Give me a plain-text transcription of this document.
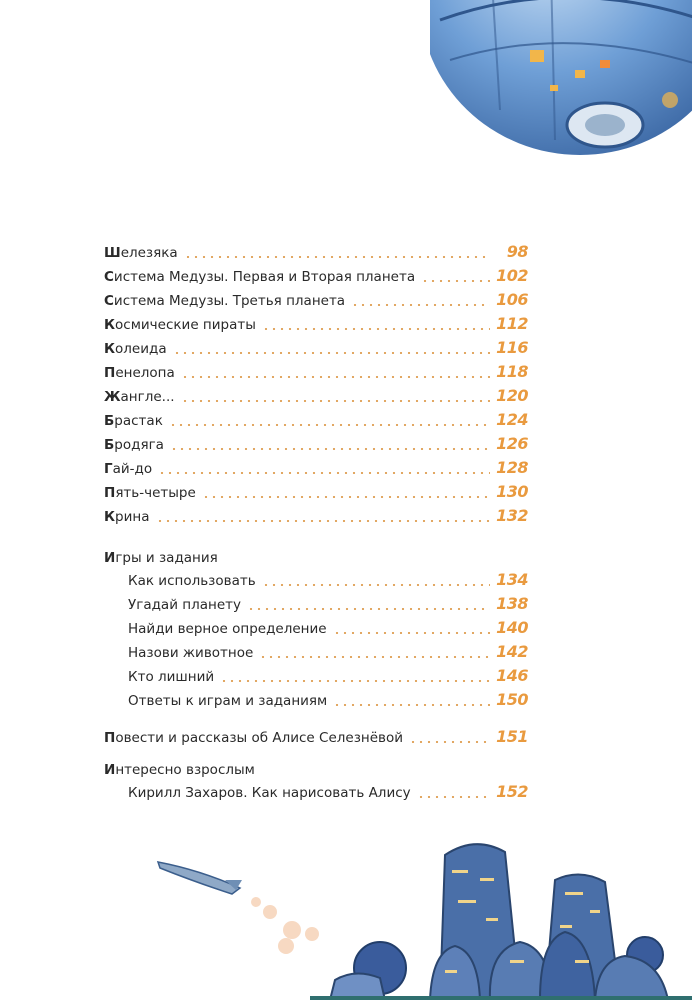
Шелезяка	98
Система Медузы. Первая и Вторая планета	102
Система Медузы. Третья планета	106
Космические пираты	112
Колеида	116
Пенелопа	118
Жангле...	120
Брастак	124
Бродяга	126
Гай-до	128
Пять-четыре	130
Крина	132
Игры и задания
Как использовать	134
Угадай планету	138
Найди верное определение	140
Назови животное	142
Кто лишний	146
Ответы к играм и заданиям	150
Повести и рассказы об Алисе Селезнёвой	151
Интересно взрослым
Кирилл Захаров. Как нарисовать Алису	152
